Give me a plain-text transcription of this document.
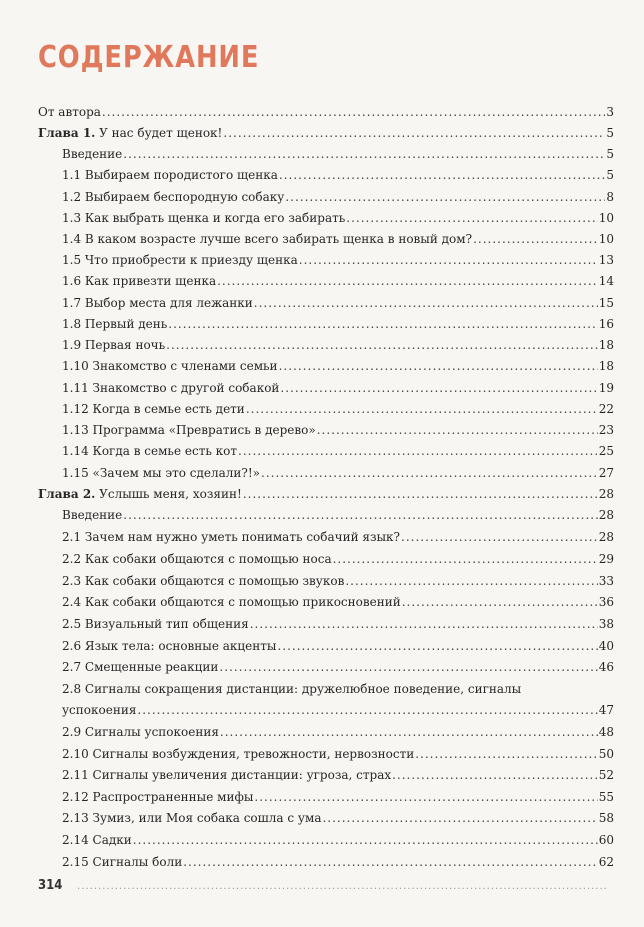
СОДЕРЖАНИЕ
От автора .....	3
Глава 1. У нас будет щенок! .....	5
Введение .....	5
1.1 Выбираем породистого щенка .....	5
1.2 Выбираем беспородную собаку .....	8
1.3 Как выбрать щенка и когда его забирать .....	10
1.4 В каком возрасте лучше всего забирать щенка в новый дом? .....	10
1.5 Что приобрести к приезду щенка .....	13
1.6 Как привезти щенка .....	14
1.7 Выбор места для лежанки .....	15
1.8 Первый день .....	16
1.9 Первая ночь .....	18
1.10 Знакомство с членами семьи .....	18
1.11 Знакомство с другой собакой .....	19
1.12 Когда в семье есть дети .....	22
1.13 Программа «Превратись в дерево» .....	23
1.14 Когда в семье есть кот .....	25
1.15 «Зачем мы это сделали?!» .....	27
Глава 2. Услышь меня, хозяин! .....	28
Введение .....	28
2.1 Зачем нам нужно уметь понимать собачий язык? .....	28
2.2 Как собаки общаются с помощью носа .....	29
2.3 Как собаки общаются с помощью звуков .....	33
2.4 Как собаки общаются с помощью прикосновений .....	36
2.5 Визуальный тип общения .....	38
2.6 Язык тела: основные акценты .....	40
2.7 Смещенные реакции .....	46
2.8 Сигналы сокращения дистанции: дружелюбное поведение, сигналы
успокоения .....	47
2.9 Сигналы успокоения .....	48
2.10 Сигналы возбуждения, тревожности, нервозности .....	50
2.11 Сигналы увеличения дистанции: угроза, страх .....	52
2.12 Распространенные мифы .....	55
2.13 Зумиз, или Моя собака сошла с ума .....	58
2.14 Садки .....	60
2.15 Сигналы боли .....	62
314
.....
